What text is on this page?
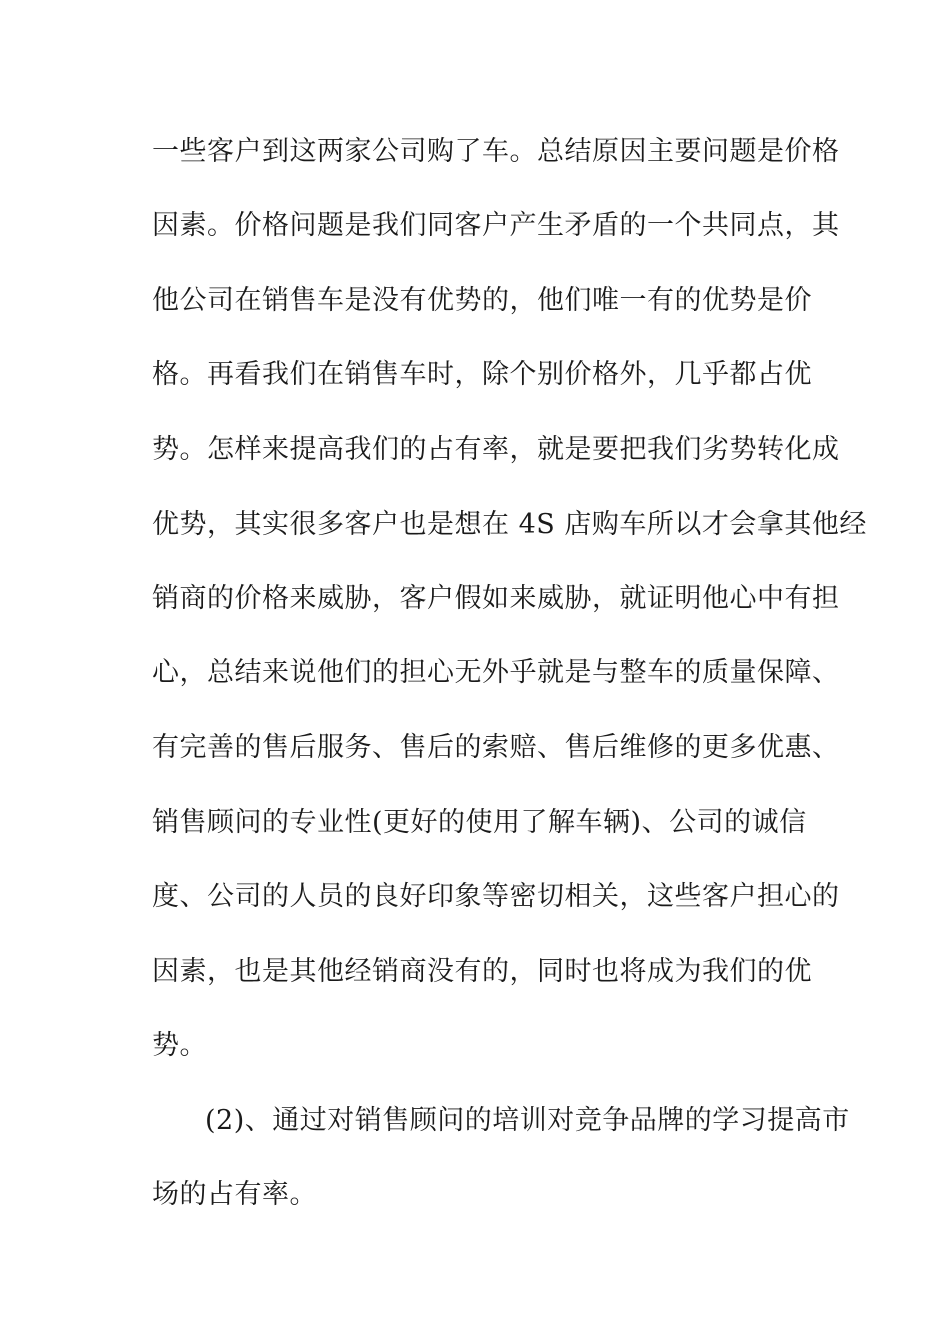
一些客户到这两家公司购了车。总结原因主要问题是价格
因素。价格问题是我们同客户产生矛盾的一个共同点，其
他公司在销售车是没有优势的，他们唯一有的优势是价
格。再看我们在销售车时，除个别价格外，几乎都占优
势。怎样来提高我们的占有率，就是要把我们劣势转化成
优势，其实很多客户也是想在 4S 店购车所以才会拿其他经
销商的价格来威胁，客户假如来威胁，就证明他心中有担
心，总结来说他们的担心无外乎就是与整车的质量保障、
有完善的售后服务、售后的索赔、售后维修的更多优惠、
销售顾问的专业性(更好的使用了解车辆)、公司的诚信
度、公司的人员的良好印象等密切相关，这些客户担心的
因素，也是其他经销商没有的，同时也将成为我们的优
势。
(2)、通过对销售顾问的培训对竞争品牌的学习提高市
场的占有率。
